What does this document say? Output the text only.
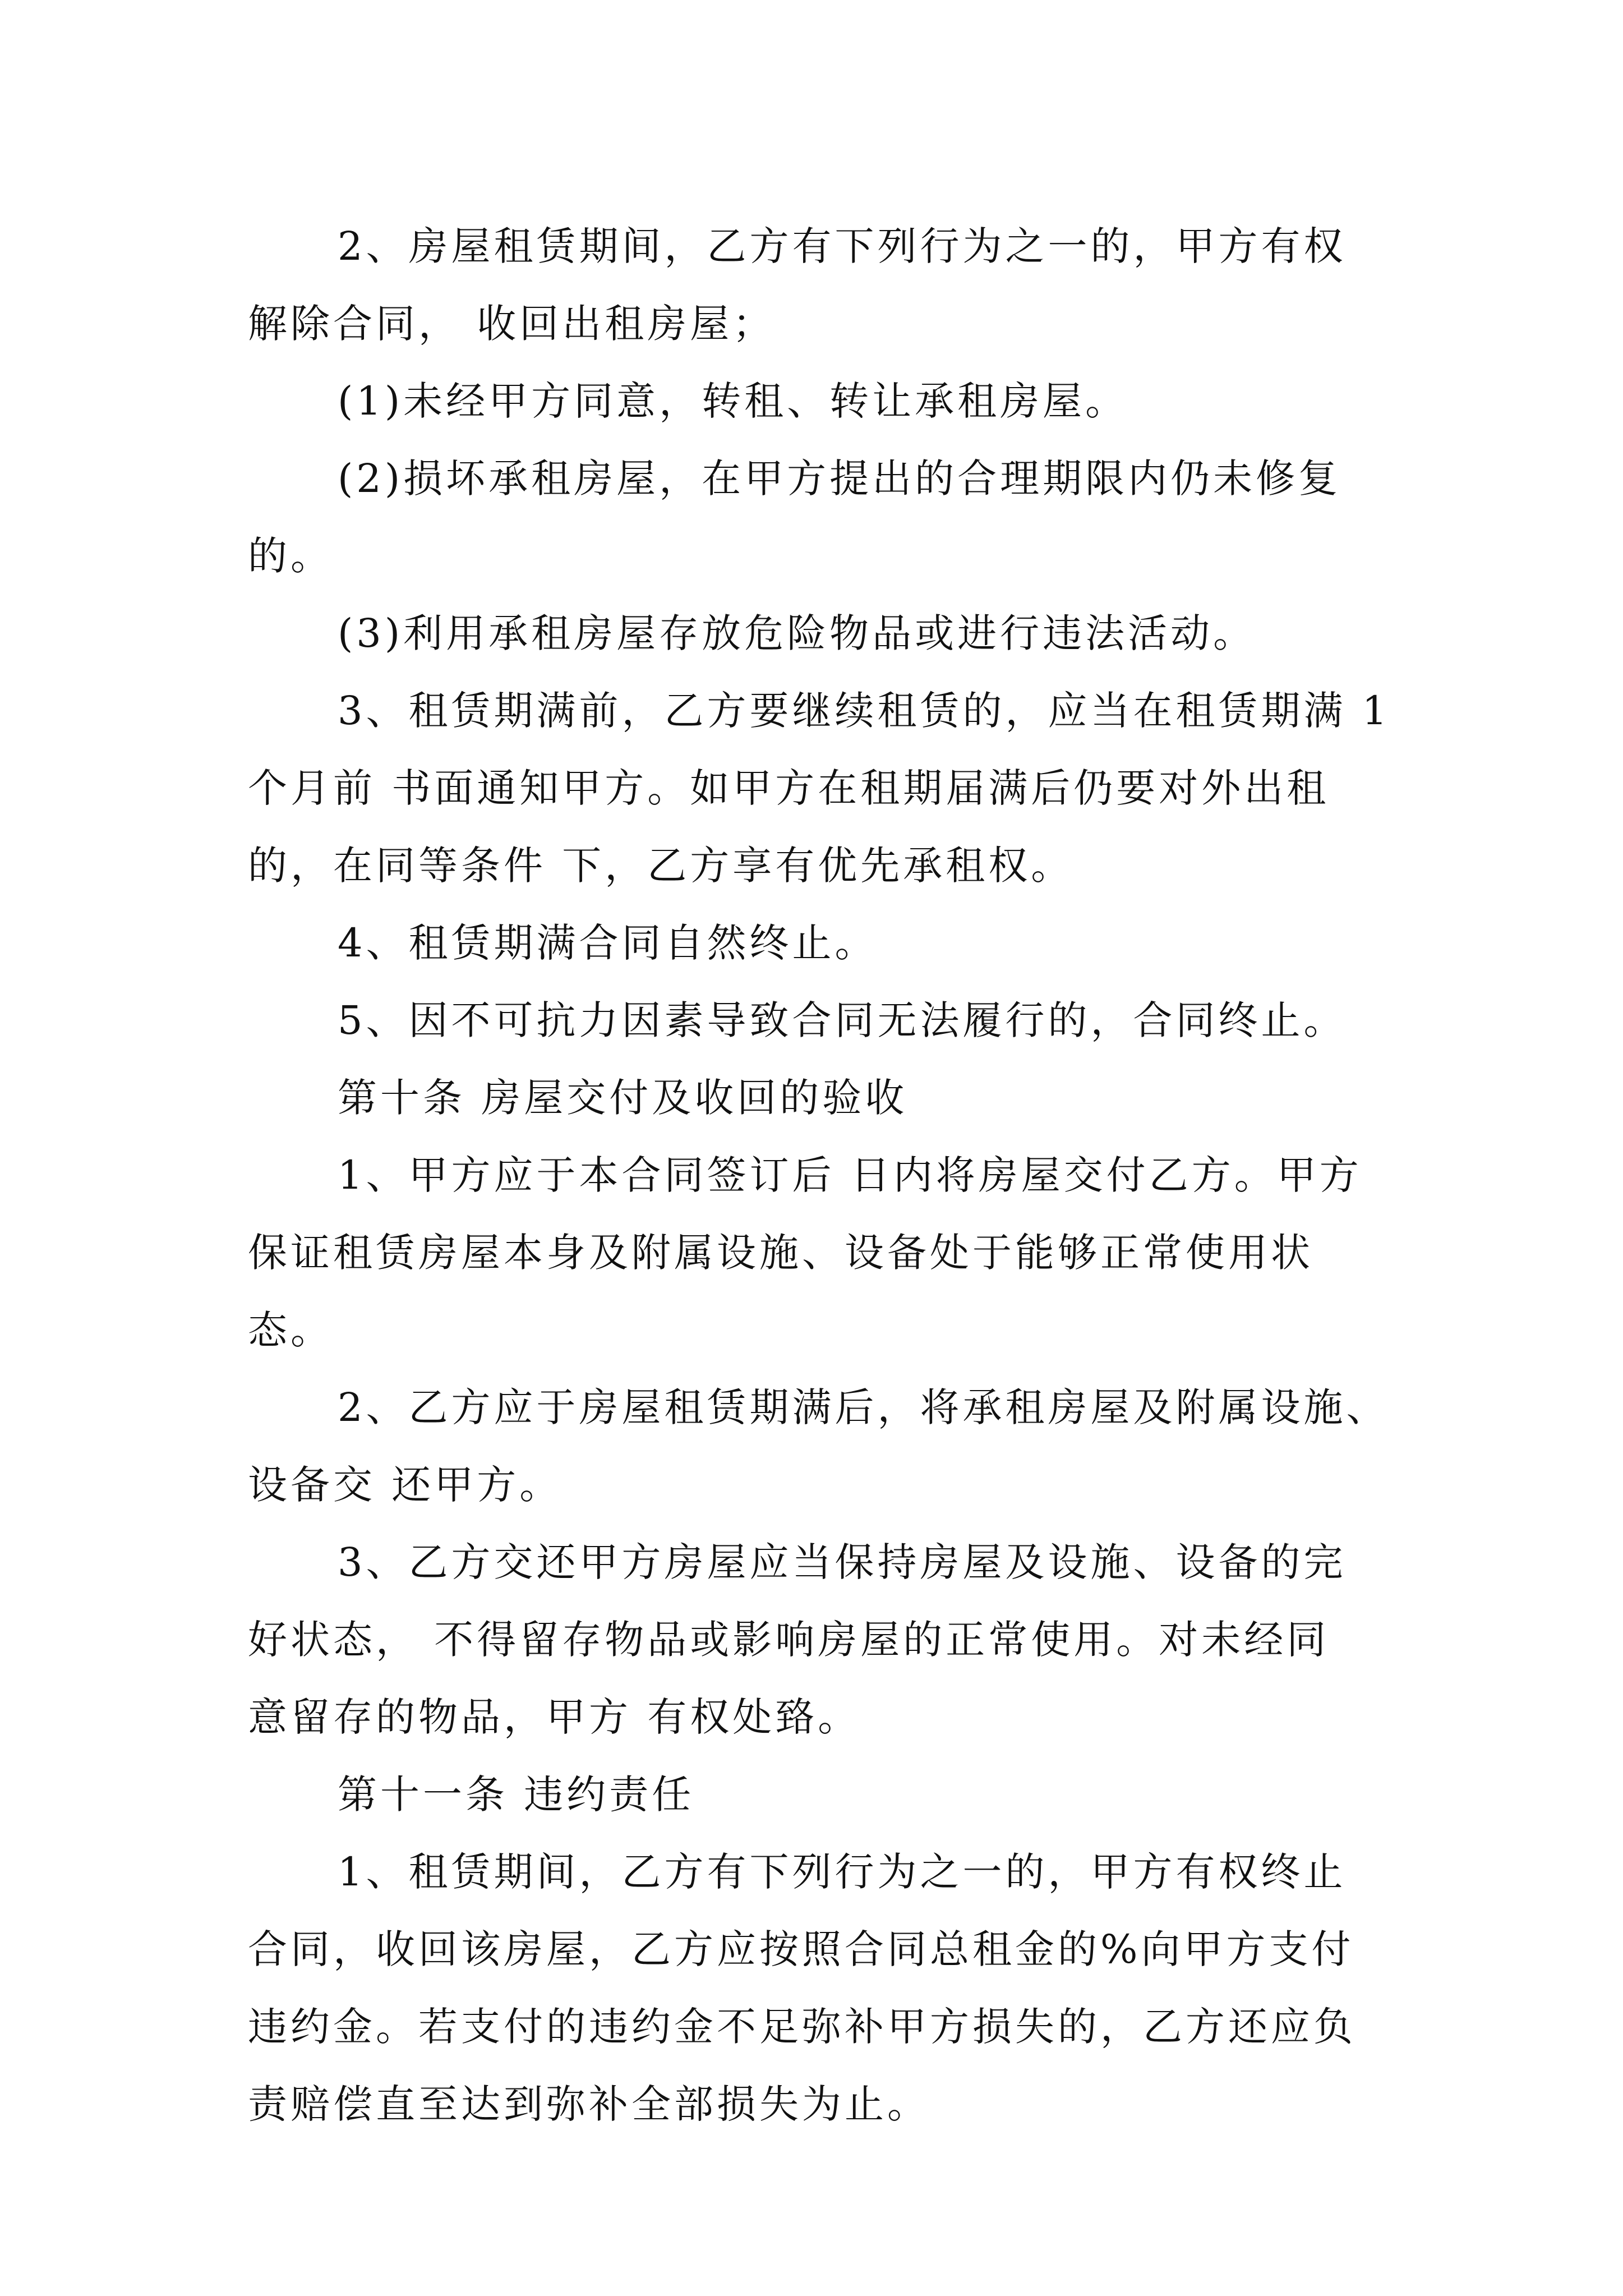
2、房屋租赁期间，乙方有下列行为之一的，甲方有权
解除合同， 收回出租房屋；

(1)未经甲方同意，转租、转让承租房屋。

(2)损坏承租房屋，在甲方提出的合理期限内仍未修复
的。

(3)利用承租房屋存放危险物品或进行违法活动。

3、租赁期满前，乙方要继续租赁的，应当在租赁期满 1
个月前 书面通知甲方。如甲方在租期届满后仍要对外出租
的，在同等条件 下，乙方享有优先承租权。

4、租赁期满合同自然终止。

5、因不可抗力因素导致合同无法履行的，合同终止。

第十条 房屋交付及收回的验收

1、甲方应于本合同签订后 日内将房屋交付乙方。甲方
保证租赁房屋本身及附属设施、设备处于能够正常使用状态。

2、乙方应于房屋租赁期满后，将承租房屋及附属设施、
设备交 还甲方。

3、乙方交还甲方房屋应当保持房屋及设施、设备的完
好状态， 不得留存物品或影响房屋的正常使用。对未经同
意留存的物品，甲方 有权处臵。

第十一条 违约责任

1、租赁期间，乙方有下列行为之一的，甲方有权终止
合同，收回该房屋，乙方应按照合同总租金的%向甲方支付
违约金。若支付的违约金不足弥补甲方损失的，乙方还应负
责赔偿直至达到弥补全部损失为止。
